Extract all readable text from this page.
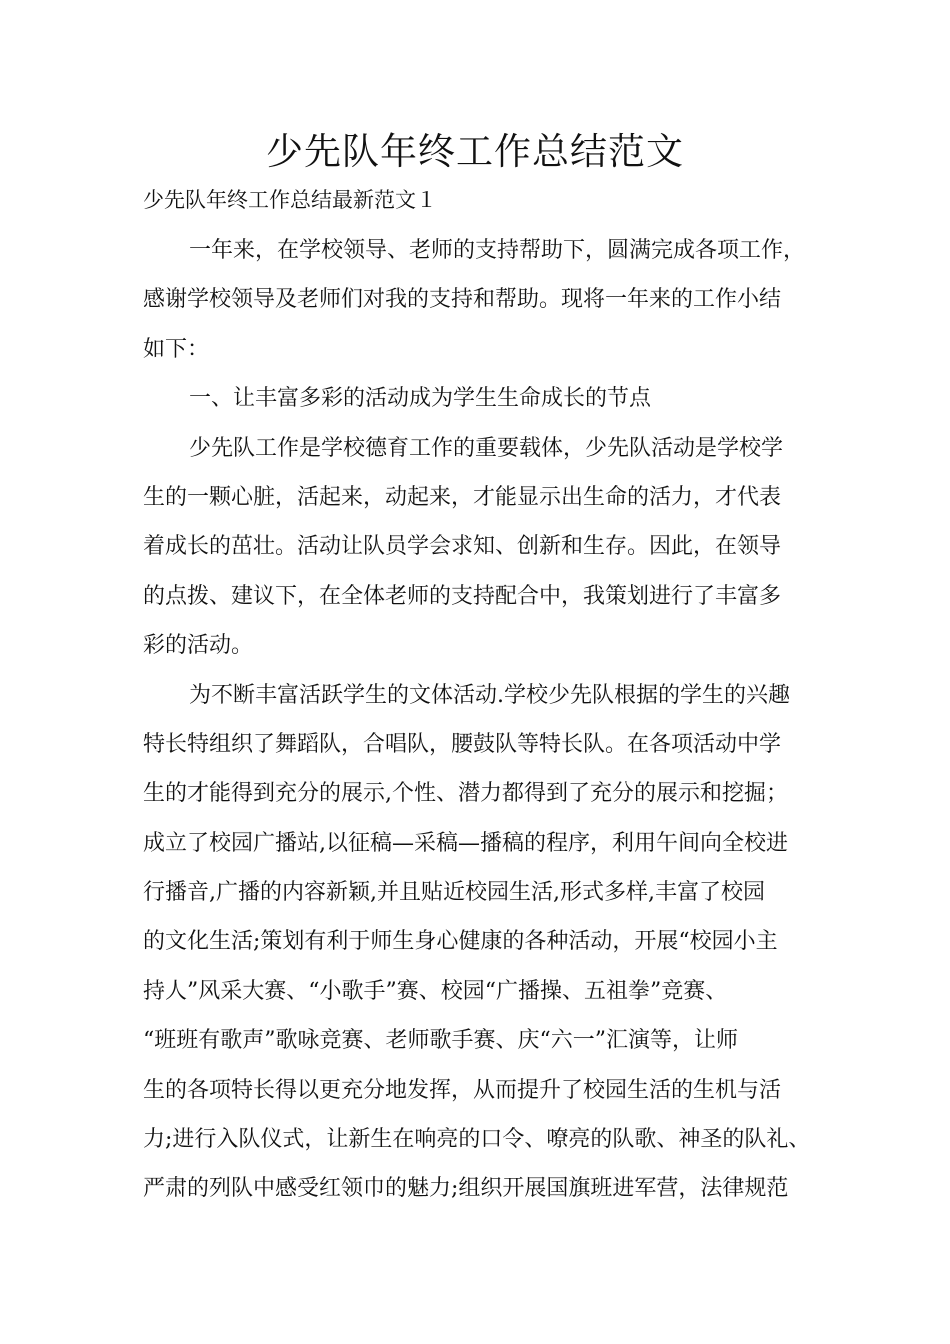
少先队年终工作总结范文
少先队年终工作总结最新范文１
一年来，在学校领导、老师的支持帮助下，圆满完成各项工作，
感谢学校领导及老师们对我的支持和帮助。现将一年来的工作小结
如下：
一、让丰富多彩的活动成为学生生命成长的节点
少先队工作是学校德育工作的重要载体，少先队活动是学校学
生的一颗心脏，活起来，动起来，才能显示出生命的活力，才代表
着成长的茁壮。活动让队员学会求知、创新和生存。因此，在领导
的点拨、建议下，在全体老师的支持配合中，我策划进行了丰富多
彩的活动。
为不断丰富活跃学生的文体活动.学校少先队根据的学生的兴趣
特长特组织了舞蹈队，合唱队，腰鼓队等特长队。在各项活动中学
生的才能得到充分的展示,个性、潜力都得到了充分的展示和挖掘；
成立了校园广播站,以征稿—采稿—播稿的程序，利用午间向全校进
行播音,广播的内容新颖,并且贴近校园生活,形式多样,丰富了校园
的文化生活;策划有利于师生身心健康的各种活动，开展“校园小主
持人”风采大赛、“小歌手”赛、校园“广播操、五祖拳”竞赛、
“班班有歌声”歌咏竞赛、老师歌手赛、庆“六一”汇演等，让师
生的各项特长得以更充分地发挥，从而提升了校园生活的生机与活
力;进行入队仪式，让新生在响亮的口令、嘹亮的队歌、神圣的队礼、
严肃的列队中感受红领巾的魅力;组织开展国旗班进军营，法律规范
